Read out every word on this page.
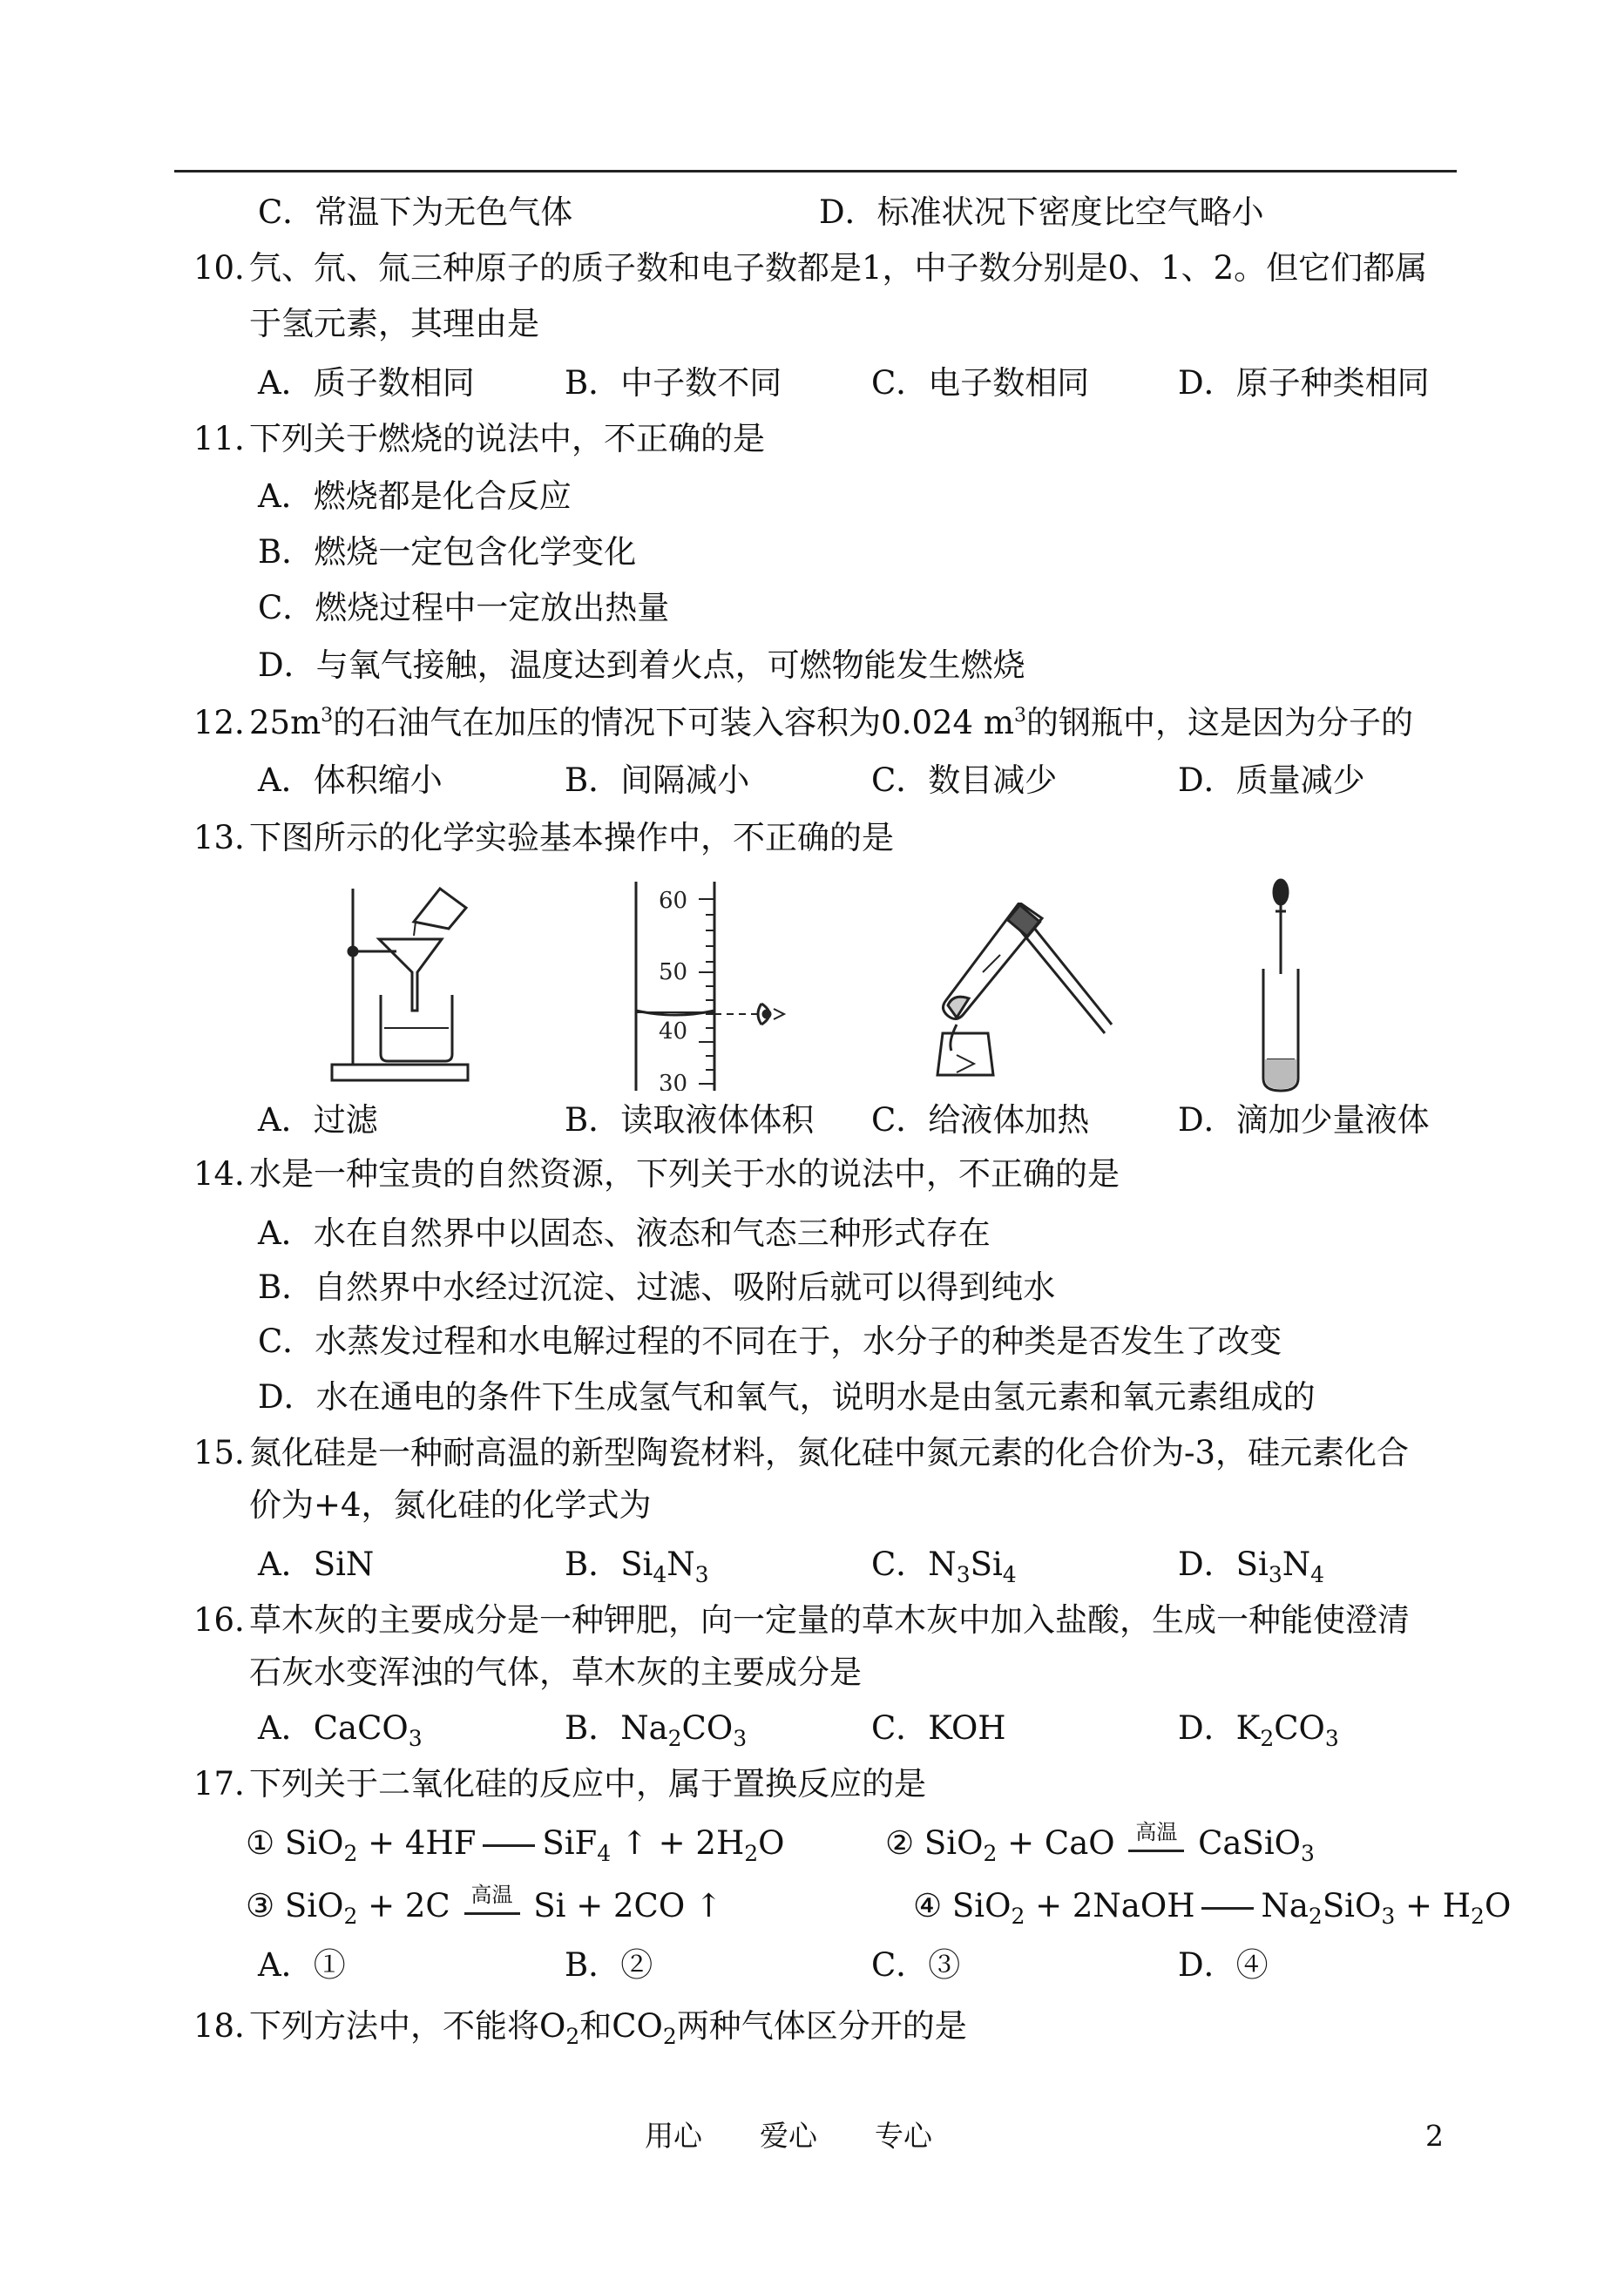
C．常温下为无色气体	D．标准状况下密度比空气略小
10．
氕、氘、氚三种原子的质子数和电子数都是1，中子数分别是0、1、2。但它们都属
于氢元素，其理由是
A．质子数相同	B．中子数不同	C．电子数相同	D．原子种类相同
11．
下列关于燃烧的说法中，不正确的是
A．燃烧都是化合反应
B．燃烧一定包含化学变化
C．燃烧过程中一定放出热量
D．与氧气接触，温度达到着火点，可燃物能发生燃烧
12．
$25m^3$的石油气在加压的情况下可装入容积为0.024 $m^3$的钢瓶中，这是因为分子的
A．体积缩小	B．间隔减小	C．数目减少	D．质量减少
13．
下图所示的化学实验基本操作中，不正确的是
60
50
40
30
A．过滤	B．读取液体体积 C．给液体加热	D．滴加少量液体
14．
水是一种宝贵的自然资源，下列关于水的说法中，不正确的是
A．水在自然界中以固态、液态和气态三种形式存在
B．自然界中水经过沉淀、过滤、吸附后就可以得到纯水
C．水蒸发过程和水电解过程的不同在于，水分子的种类是否发生了改变
D．水在通电的条件下生成氢气和氧气，说明水是由氢元素和氧元素组成的
15．
氮化硅是一种耐高温的新型陶瓷材料，氮化硅中氮元素的化合价为-3，硅元素化合
价为+4，氮化硅的化学式为
A．SiN	B．$Si_4N_3$	C．$N_3Si_4$	D．$Si_3N_4$
16．
草木灰的主要成分是一种钾肥，向一定量的草木灰中加入盐酸，生成一种能使澄清
石灰水变浑浊的气体，草木灰的主要成分是
A．CaCO$_3$	B．$Na_2CO_3$	C．KOH	D．$K_2CO_3$
17．
下列关于二氧化硅的反应中，属于置换反应的是
① SiO$_2$ + 4HF SiF$_4$ ↑ + $2H_2O$	② SiO$_2$ + CaO 高温 CaSiO$_3$
③ SiO$_2$ + 2C 高温 Si + 2CO ↑	④ SiO$_2$ + 2NaOH $Na_2SiO_3 + H_2O$
A．①	B．②	C．③	D．④
18．
下列方法中，不能将$O_2$和$CO_2$两种气体区分开的是
用心　　爱心　　专心	2
